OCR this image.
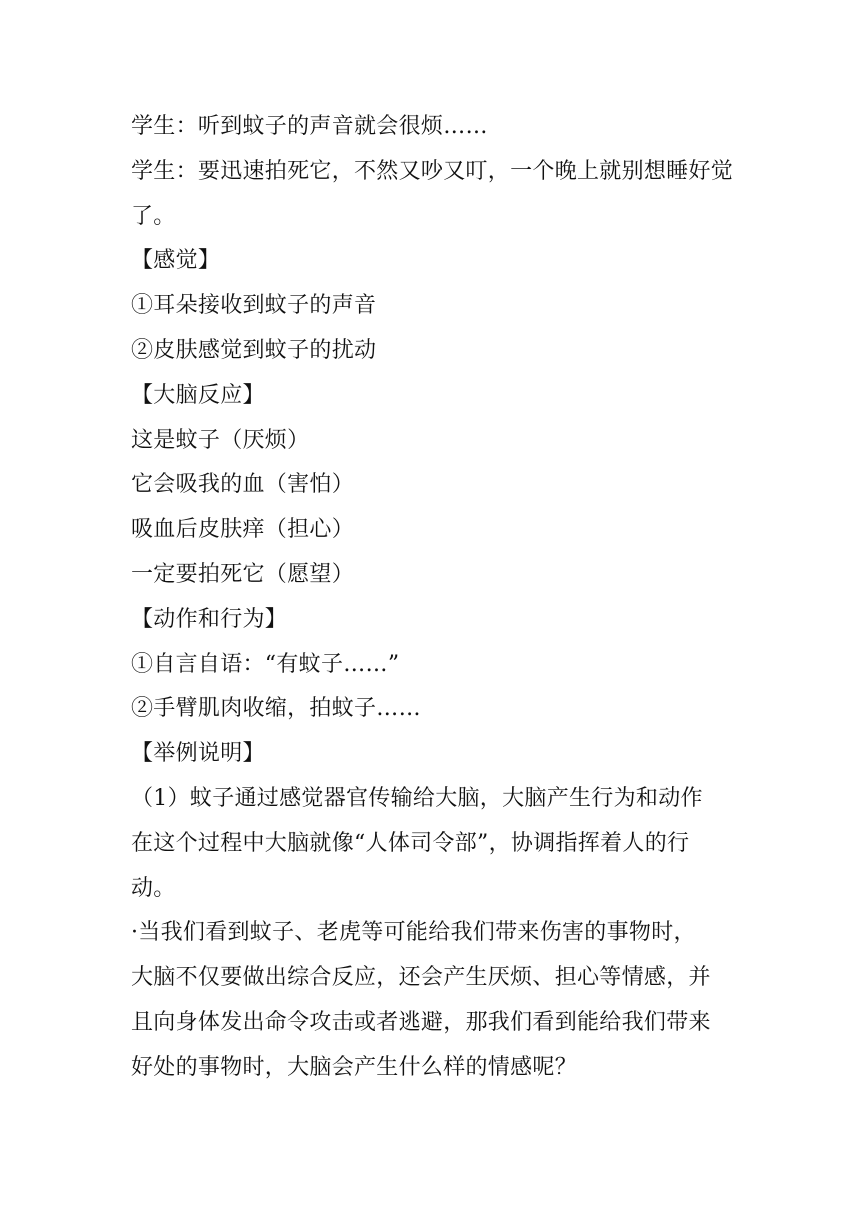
学生：听到蚊子的声音就会很烦……
学生：要迅速拍死它，不然又吵又叮，一个晚上就别想睡好觉
了。
【感觉】
①耳朵接收到蚊子的声音
②皮肤感觉到蚊子的扰动
【大脑反应】
这是蚊子（厌烦）
它会吸我的血（害怕）
吸血后皮肤痒（担心）
一定要拍死它（愿望）
【动作和行为】
①自言自语：“有蚊子……”
②手臂肌肉收缩，拍蚊子……
【举例说明】
（1）蚊子通过感觉器官传输给大脑，大脑产生行为和动作
在这个过程中大脑就像“人体司令部”，协调指挥着人的行
动。
·当我们看到蚊子、老虎等可能给我们带来伤害的事物时，
大脑不仅要做出综合反应，还会产生厌烦、担心等情感，并
且向身体发出命令攻击或者逃避，那我们看到能给我们带来
好处的事物时，大脑会产生什么样的情感呢？
